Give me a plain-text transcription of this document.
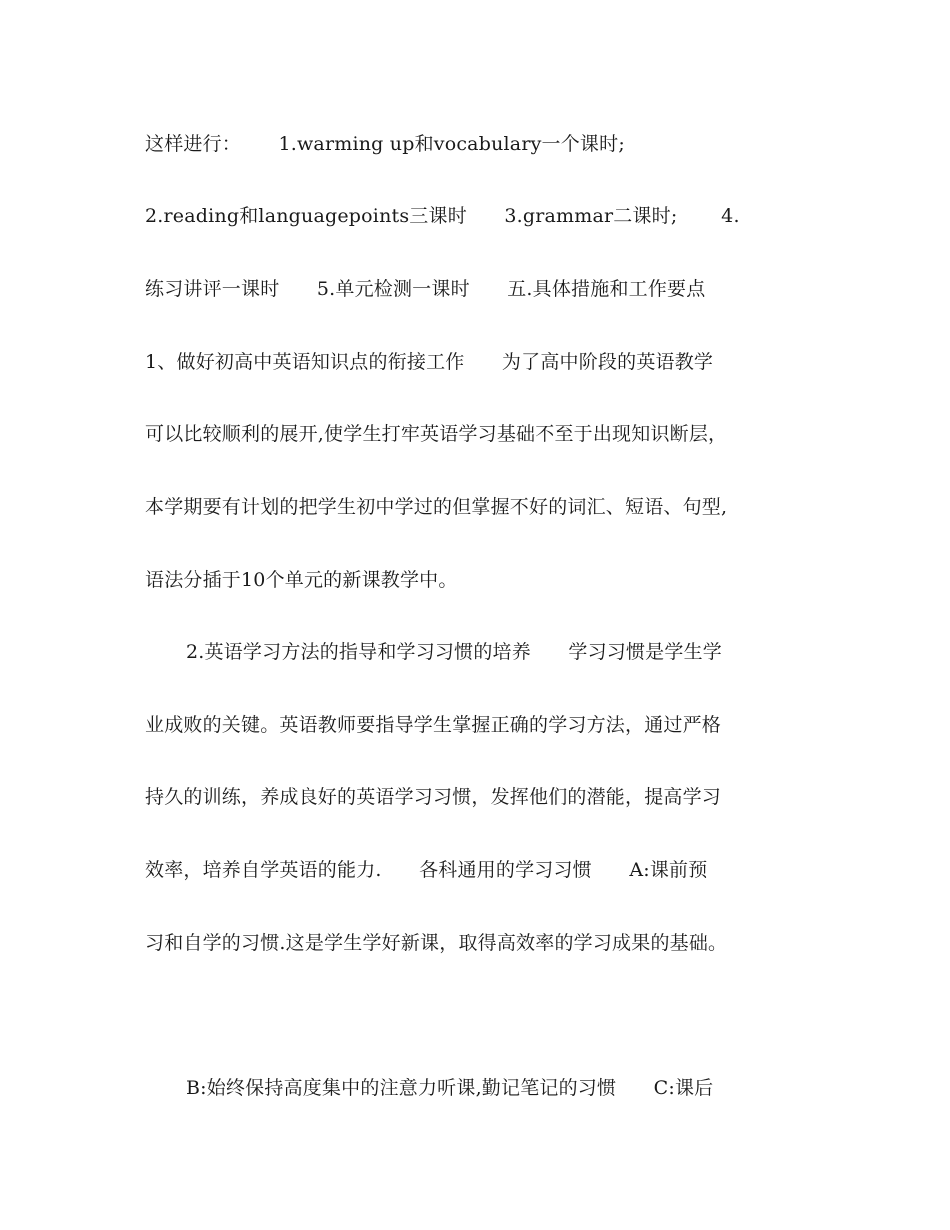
这样进行：      1.warming up和vocabulary一个课时;
2.reading和languagepoints三课时      3.grammar二课时;       4.
练习讲评一课时      5.单元检测一课时      五.具体措施和工作要点
1、做好初高中英语知识点的衔接工作      为了高中阶段的英语教学
可以比较顺利的展开,使学生打牢英语学习基础不至于出现知识断层，
本学期要有计划的把学生初中学过的但掌握不好的词汇、短语、句型,
语法分插于10个单元的新课教学中。
2.英语学习方法的指导和学习习惯的培养      学习习惯是学生学
业成败的关键。英语教师要指导学生掌握正确的学习方法，通过严格
持久的训练，养成良好的英语学习习惯，发挥他们的潜能，提高学习
效率，培养自学英语的能力.      各科通用的学习习惯      A:课前预
习和自学的习惯.这是学生学好新课，取得高效率的学习成果的基础。
B:始终保持高度集中的注意力听课,勤记笔记的习惯      C:课后
